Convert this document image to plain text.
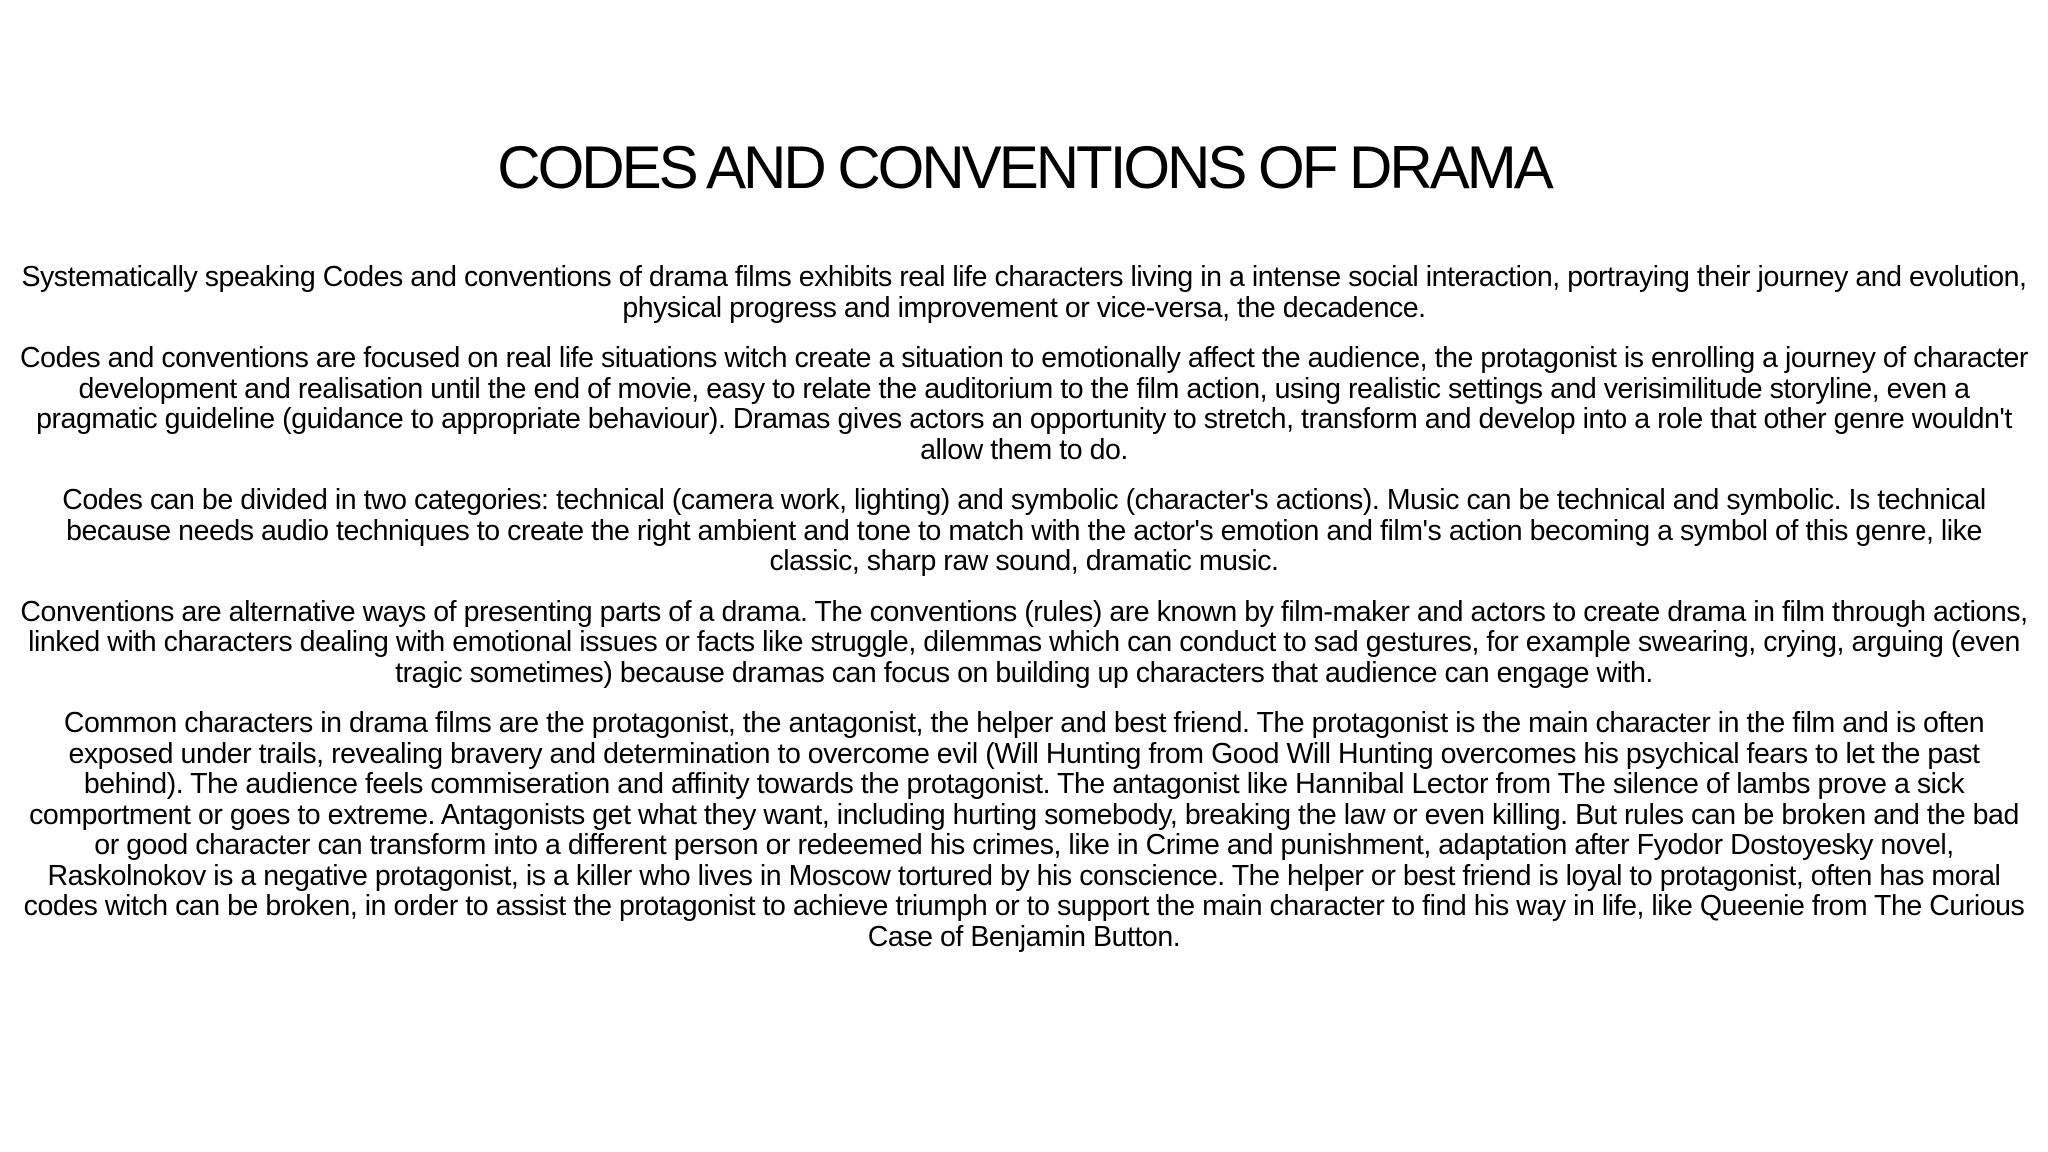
CODES AND CONVENTIONS OF DRAMA

Systematically speaking Codes and conventions of drama films exhibits real life characters living in a intense social interaction, portraying their journey and evolution, physical progress and improvement or vice-versa, the decadence.

Codes and conventions are focused on real life situations witch create a situation to emotionally affect the audience, the protagonist is enrolling a journey of character development and realisation until the end of movie, easy to relate the auditorium to the film action, using realistic settings and verisimilitude storyline, even a pragmatic guideline (guidance to appropriate behaviour). Dramas gives actors an opportunity to stretch, transform and develop into a role that other genre wouldn't allow them to do.

Codes can be divided in two categories: technical (camera work, lighting) and symbolic (character's actions). Music can be technical and symbolic. Is technical because needs audio techniques to create the right ambient and tone to match with the actor's emotion and film's action becoming a symbol of this genre, like classic, sharp raw sound, dramatic music.

Conventions are alternative ways of presenting parts of a drama. The conventions (rules) are known by film-maker and actors to create drama in film through actions, linked with characters dealing with emotional issues or facts like struggle, dilemmas which can conduct to sad gestures, for example swearing, crying, arguing (even tragic sometimes) because dramas can focus on building up characters that audience can engage with.

Common characters in drama films are the protagonist, the antagonist, the helper and best friend. The protagonist is the main character in the film and is often exposed under trails, revealing bravery and determination to overcome evil (Will Hunting from Good Will Hunting overcomes his psychical fears to let the past behind). The audience feels commiseration and affinity towards the protagonist. The antagonist like Hannibal Lector from The silence of lambs prove a sick comportment or goes to extreme. Antagonists get what they want, including hurting somebody, breaking the law or even killing. But rules can be broken and the bad or good character can transform into a different person or redeemed his crimes, like in Crime and punishment, adaptation after Fyodor Dostoyesky novel, Raskolnokov is a negative protagonist, is a killer who lives in Moscow tortured by his conscience. The helper or best friend is loyal to protagonist, often has moral codes witch can be broken, in order to assist the protagonist to achieve triumph or to support the main character to find his way in life, like Queenie from The Curious Case of Benjamin Button.
